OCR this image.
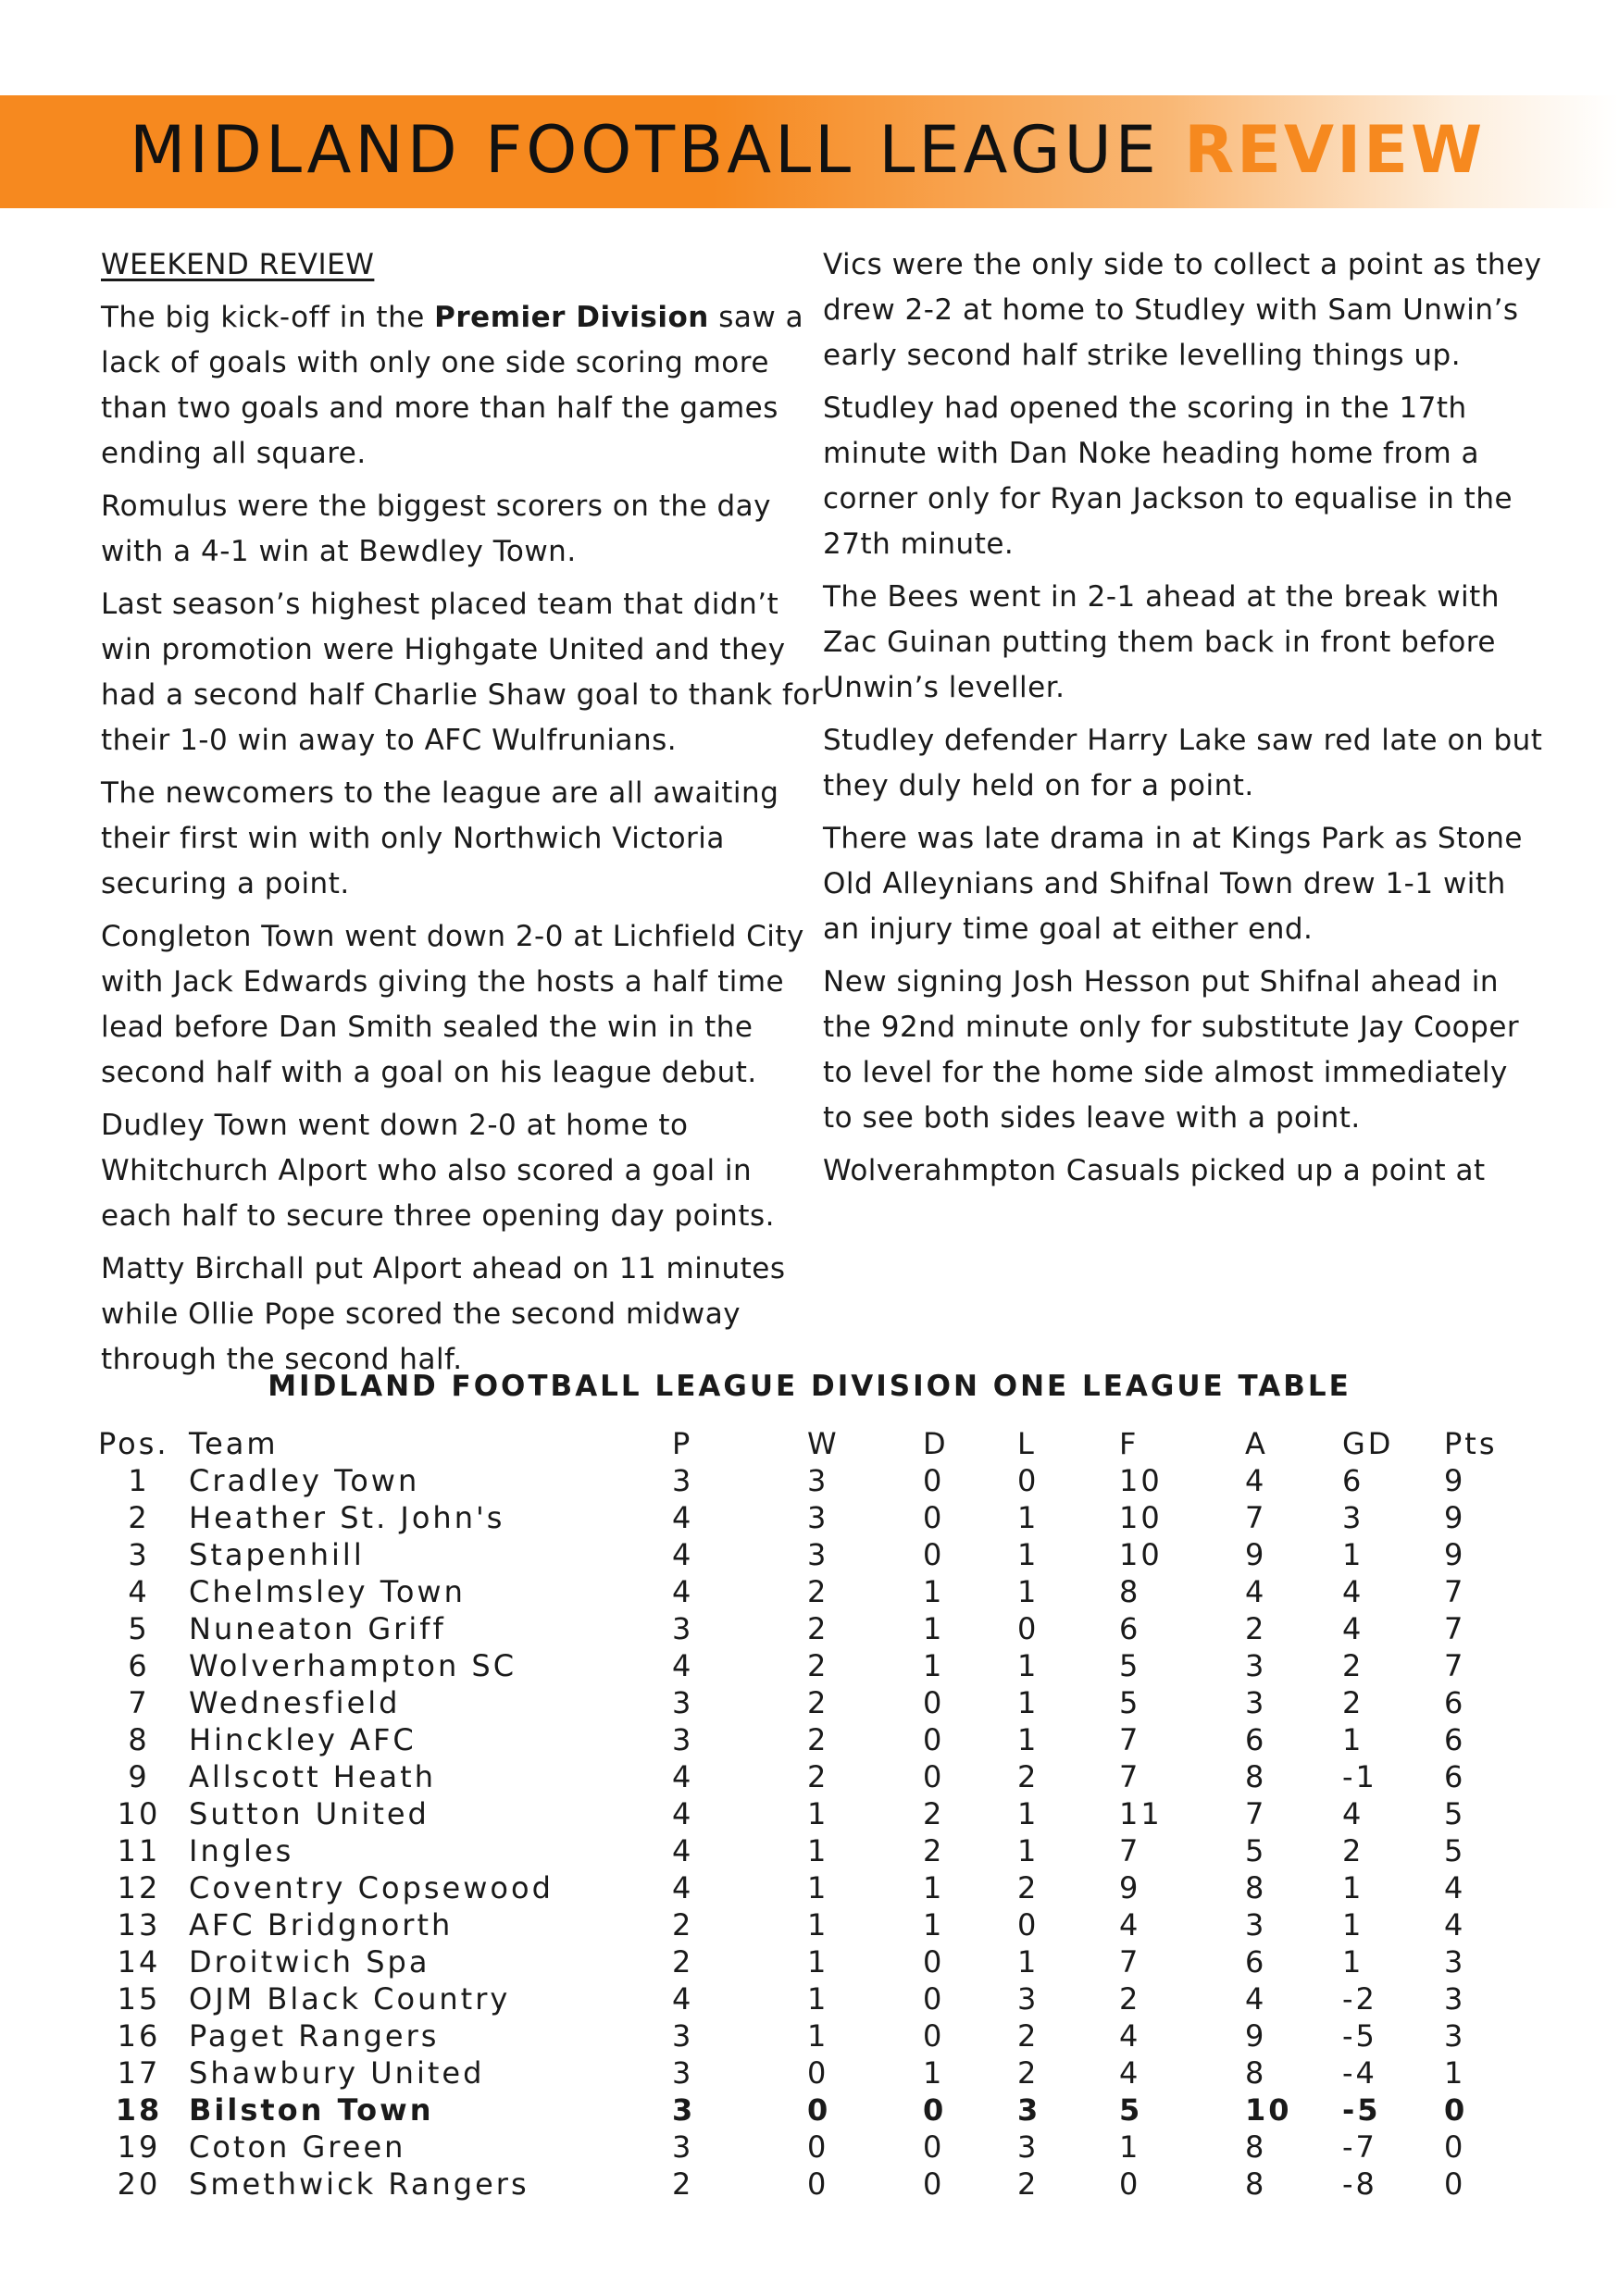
MIDLAND FOOTBALL LEAGUE REVIEW

WEEKEND REVIEW

The big kick-off in the Premier Division saw a lack of goals with only one side scoring more than two goals and more than half the games ending all square.

Romulus were the biggest scorers on the day with a 4-1 win at Bewdley Town.

Last season’s highest placed team that didn’t win promotion were Highgate United and they had a second half Charlie Shaw goal to thank for their 1-0 win away to AFC Wulfrunians.

The newcomers to the league are all awaiting their first win with only Northwich Victoria securing a point.

Congleton Town went down 2-0 at Lichfield City with Jack Edwards giving the hosts a half time lead before Dan Smith sealed the win in the second half with a goal on his league debut.

Dudley Town went down 2-0 at home to Whitchurch Alport who also scored a goal in each half to secure three opening day points.

Matty Birchall put Alport ahead on 11 minutes while Ollie Pope scored the second midway through the second half.

Vics were the only side to collect a point as they drew 2-2 at home to Studley with Sam Unwin’s early second half strike levelling things up.

Studley had opened the scoring in the 17th minute with Dan Noke heading home from a corner only for Ryan Jackson to equalise in the 27th minute.

The Bees went in 2-1 ahead at the break with Zac Guinan putting them back in front before Unwin’s leveller.

Studley defender Harry Lake saw red late on but they duly held on for a point.

There was late drama in at Kings Park as Stone Old Alleynians and Shifnal Town drew 1-1 with an injury time goal at either end.

New signing Josh Hesson put Shifnal ahead in the 92nd minute only for substitute Jay Cooper to level for the home side almost immediately to see both sides leave with a point.

Wolverahmpton Casuals picked up a point at

MIDLAND FOOTBALL LEAGUE DIVISION ONE LEAGUE TABLE
Pos.	Team	P	W	D	L	F	A	GD	Pts
1	Cradley Town	3	3	0	0	10	4	6	9
2	Heather St. John's	4	3	0	1	10	7	3	9
3	Stapenhill	4	3	0	1	10	9	1	9
4	Chelmsley Town	4	2	1	1	8	4	4	7
5	Nuneaton Griff	3	2	1	0	6	2	4	7
6	Wolverhampton SC	4	2	1	1	5	3	2	7
7	Wednesfield	3	2	0	1	5	3	2	6
8	Hinckley AFC	3	2	0	1	7	6	1	6
9	Allscott Heath	4	2	0	2	7	8	-1	6
10	Sutton United	4	1	2	1	11	7	4	5
11	Ingles	4	1	2	1	7	5	2	5
12	Coventry Copsewood	4	1	1	2	9	8	1	4
13	AFC Bridgnorth	2	1	1	0	4	3	1	4
14	Droitwich Spa	2	1	0	1	7	6	1	3
15	OJM Black Country	4	1	0	3	2	4	-2	3
16	Paget Rangers	3	1	0	2	4	9	-5	3
17	Shawbury United	3	0	1	2	4	8	-4	1
18	Bilston Town	3	0	0	3	5	10	-5	0
19	Coton Green	3	0	0	3	1	8	-7	0
20	Smethwick Rangers	2	0	0	2	0	8	-8	0
